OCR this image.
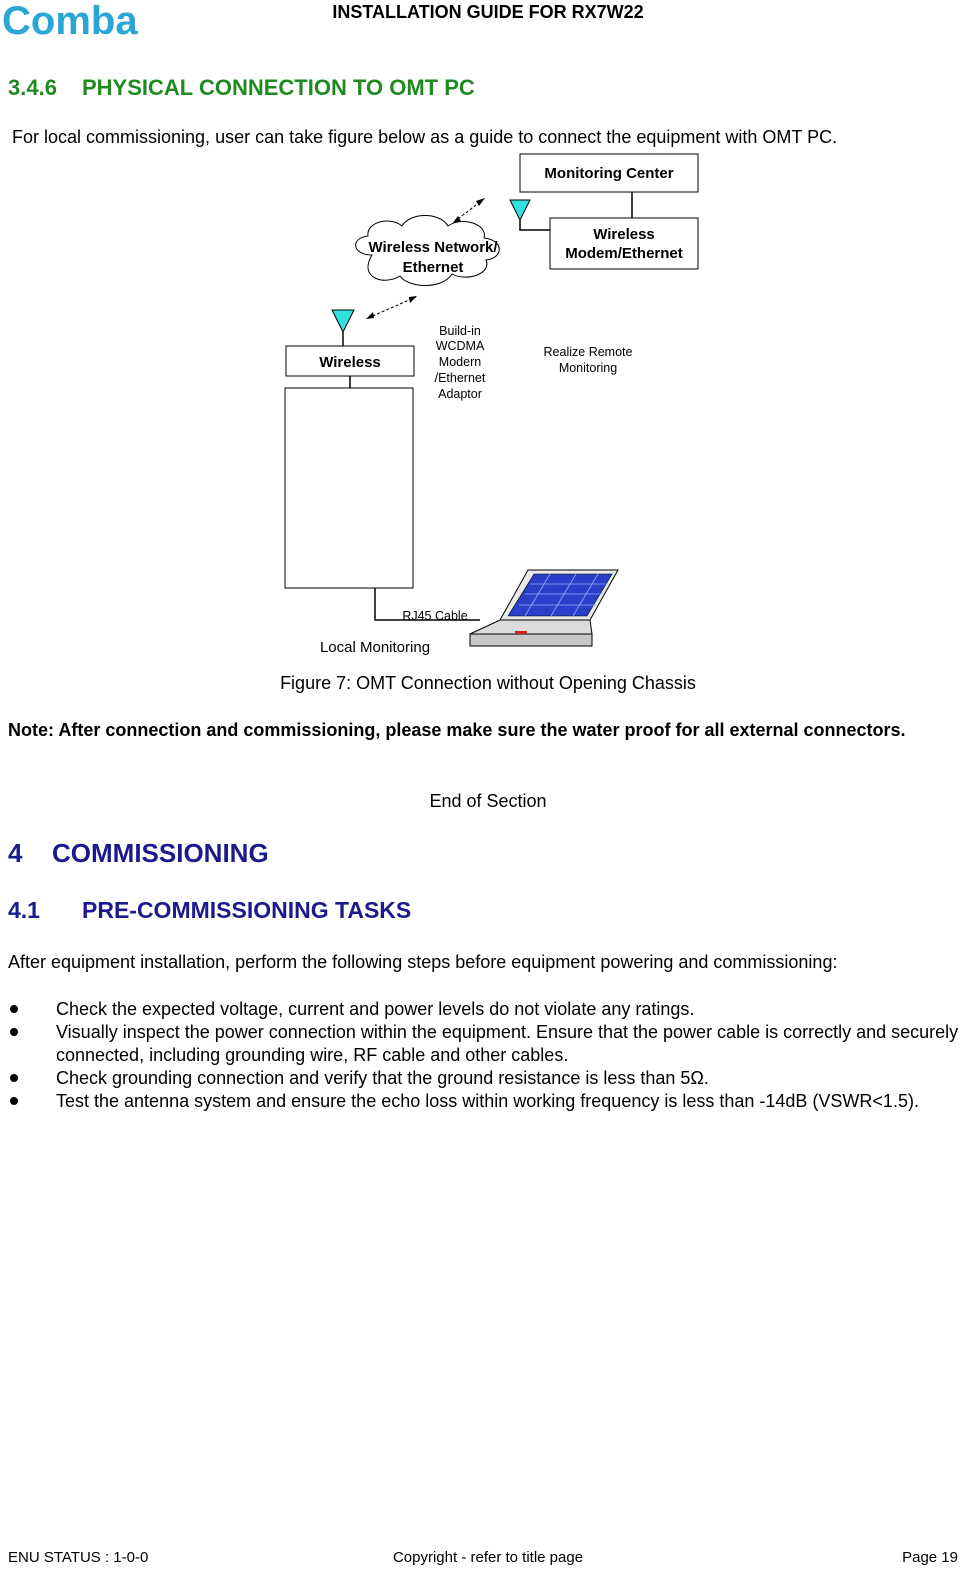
Comba	INSTALLATION GUIDE FOR RX7W22
3.4.6 PHYSICAL CONNECTION TO OMT PC
For local commissioning, user can take figure below as a guide to connect the equipment with OMT PC.
Monitoring Center
Wireless
Modem/Ethernet
Wireless Network/
Ethernet
Wireless
Build-in
WCDMA
Modern
/Ethernet
Adaptor
Realize Remote
Monitoring
RJ45 Cable
Local Monitoring
Figure 7: OMT Connection without Opening Chassis
Note: After connection and commissioning, please make sure the water proof for all external connectors.
End of Section
4 COMMISSIONING
4.1 PRE-COMMISSIONING TASKS
After equipment installation, perform the following steps before equipment powering and commissioning:
Check the expected voltage, current and power levels do not violate any ratings.
Visually inspect the power connection within the equipment. Ensure that the power cable is correctly and securely connected, including grounding wire, RF cable and other cables.
Check grounding connection and verify that the ground resistance is less than 5Ω.
Test the antenna system and ensure the echo loss within working frequency is less than -14dB (VSWR<1.5).
ENU STATUS : 1-0-0	Copyright - refer to title page	Page 19
